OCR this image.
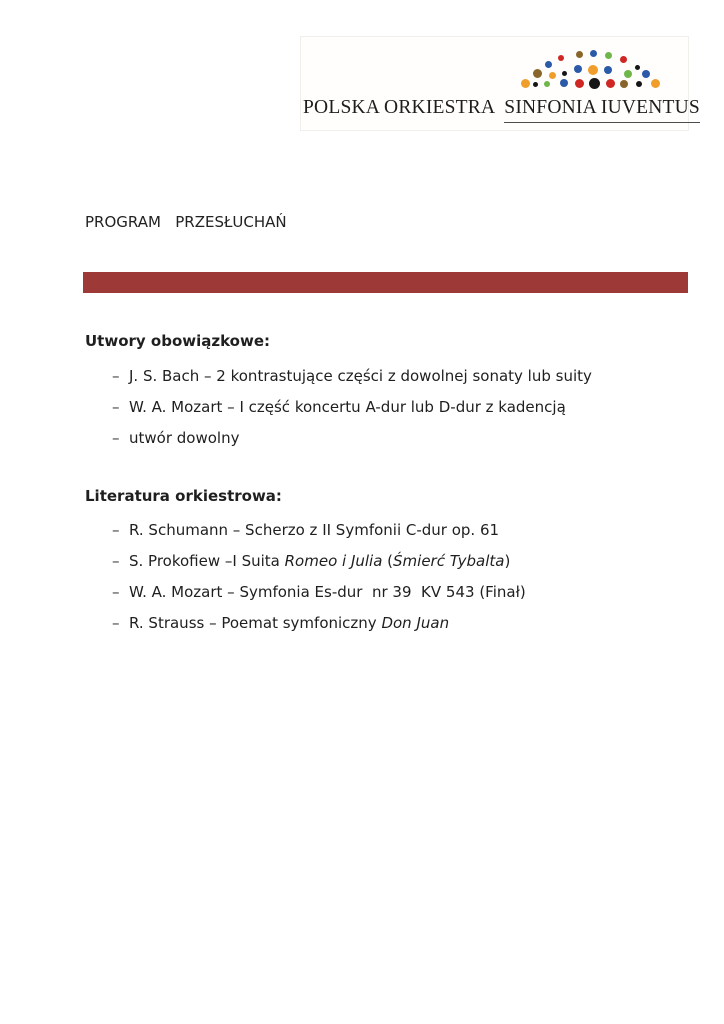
POLSKA ORKIESTRA SINFONIA IUVENTUS
PROGRAM   PRZESŁUCHAŃ

SKRZYPCE  TUTTI

Utwory obowiązkowe:
– J. S. Bach – 2 kontrastujące części z dowolnej sonaty lub suity
– W. A. Mozart – I część koncertu A-dur lub D-dur z kadencją
– utwór dowolny
Literatura orkiestrowa:
– R. Schumann – Scherzo z II Symfonii C-dur op. 61
– S. Prokofiew –I Suita Romeo i Julia (Śmierć Tybalta)
– W. A. Mozart – Symfonia Es-dur  nr 39  KV 543 (Finał)
– R. Strauss – Poemat symfoniczny Don Juan
